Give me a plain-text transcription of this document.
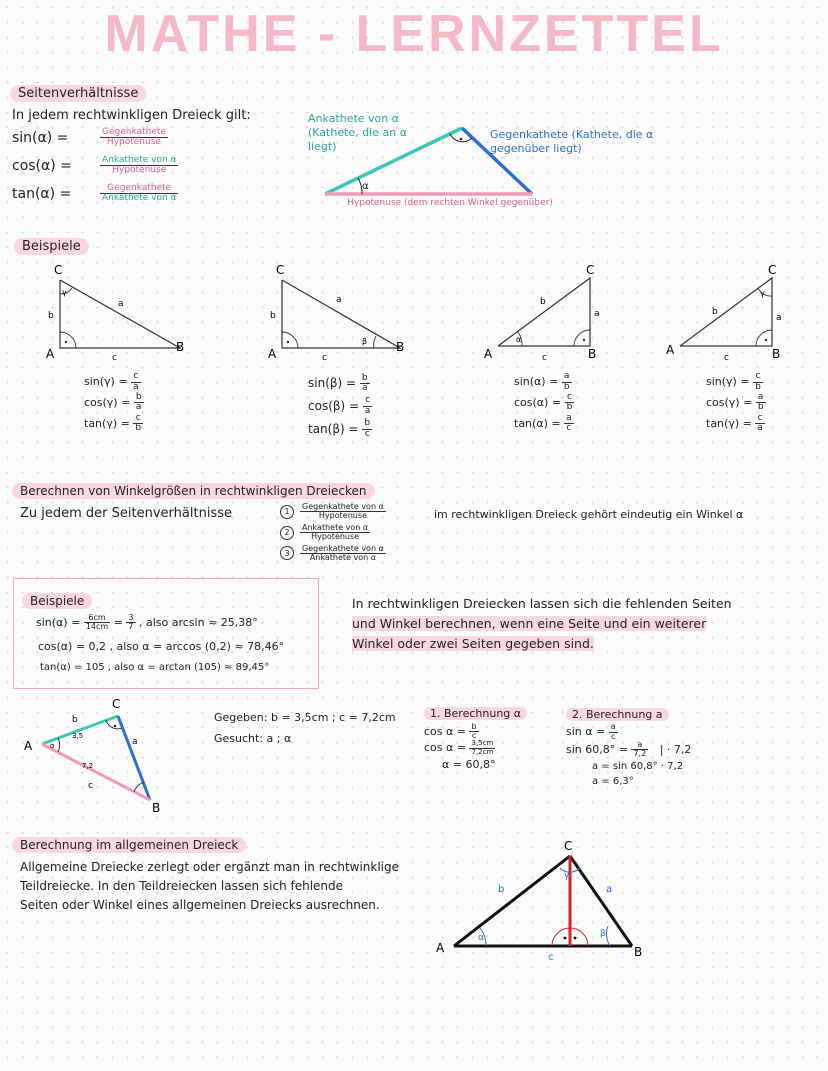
MATHE - LERNZETTEL
Seitenverhältnisse
In jedem rechtwinkligen Dreieck gilt:
sin(α) =	$\frac{\text{Gegenkathete}}{\text{Hypotenuse}}$
cos(α) =	$\frac{\text{Ankathete von α}}{\text{Hypotenuse}}$
tan(α) =	$\frac{\text{Gegenkathete}}{\text{Ankathete von α}}$	α
Ankathete von α (Kathete, die an α liegt)
Gegenkathete (Kathete, die α gegenüber liegt)
Hypotenuse (dem rechten Winkel gegenüber)
Beispiele
γ
C
A	B
b
a
c
β
C
A	B
b
a
c
α
C
A	B
b
a
c
γ
C
A	B
b
a
c
$\sin(\gamma) = \frac{c}{a}$
$\cos(\gamma) = \frac{b}{a}$
$\tan(\gamma) = \frac{c}{b}$
$\sin(\beta) = \frac{b}{a}$
$\cos(\beta) = \frac{c}{a}$
$\tan(\beta) = \frac{b}{c}$
$\sin(\alpha) = \frac{a}{b}$
$\cos(\alpha) = \frac{c}{b}$
$\tan(\alpha) = \frac{a}{c}$
$\sin(\gamma) = \frac{c}{b}$
$\cos(\gamma) = \frac{a}{b}$
$\tan(\gamma) = \frac{c}{a}$
Berechnen von Winkelgrößen in rechtwinkligen Dreiecken
Zu jedem der Seitenverhältnisse	1	$\frac{\text{Gegenkathete von α}}{\text{Hypotenuse}}$
2	$\frac{\text{Ankathete von α}}{\text{Hypotenuse}}$
3	$\frac{\text{Gegenkathete von α}}{\text{Ankathete von α}}$
im rechtwinkligen Dreieck gehört eindeutig ein Winkel α
Beispiele
$\sin(\alpha) = \frac{6cm}{14cm} = \frac{3}{7}$ , also arcsin ≈ 25,38°
cos(α) = 0,2 , also α = arccos (0,2) ≈ 78,46°
tan(α) = 105 , also α = arctan (105) ≈ 89,45°
In rechtwinkligen Dreiecken lassen sich die fehlenden Seiten
und Winkel berechnen, wenn eine Seite und ein weiterer
Winkel oder zwei Seiten gegeben sind.
α
A
C
B
b
3,5
a
7,2
c
Gegeben: b = 3,5cm ; c = 7,2cm
Gesucht: a ; α
1. Berechnung α
$\cos \alpha = \frac{b}{c}$
$\cos \alpha = \frac{3,5cm}{7,2cm}$
α = 60,8°
2. Berechnung a
$\sin \alpha = \frac{a}{c}$
$\sin 60,8^\circ = \frac{a}{7,2}$ | · 7,2
a = sin 60,8° · 7,2
a = 6,3°
Berechnung im allgemeinen Dreieck
Allgemeine Dreiecke zerlegt oder ergänzt man in rechtwinklige
Teildreiecke. In den Teildreiecken lassen sich fehlende
Seiten oder Winkel eines allgemeinen Dreiecks ausrechnen.
α	β
γ
C
A	B
b	a
c
